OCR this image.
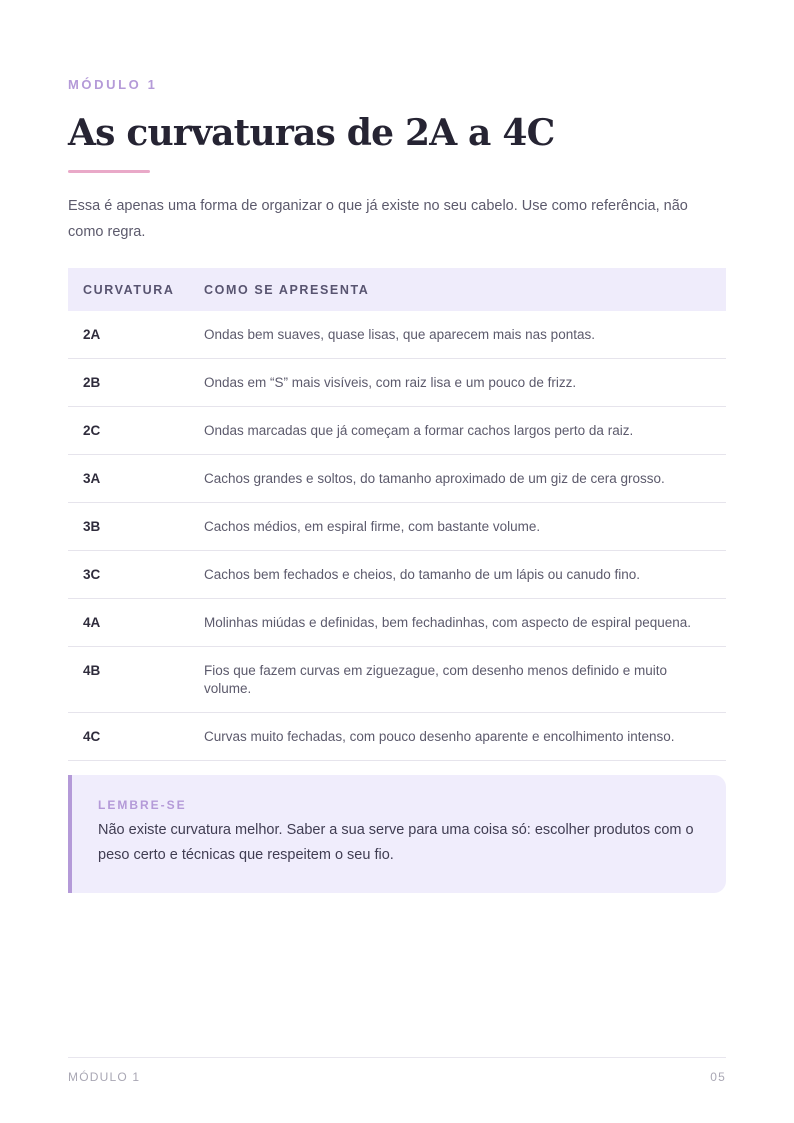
MÓDULO 1
As curvaturas de 2A a 4C

Essa é apenas uma forma de organizar o que já existe no seu cabelo. Use como referência, não como regra.

CURVATURA	COMO SE APRESENTA
2A	Ondas bem suaves, quase lisas, que aparecem mais nas pontas.
2B	Ondas em “S” mais visíveis, com raiz lisa e um pouco de frizz.
2C	Ondas marcadas que já começam a formar cachos largos perto da raiz.
3A	Cachos grandes e soltos, do tamanho aproximado de um giz de cera grosso.
3B	Cachos médios, em espiral firme, com bastante volume.
3C	Cachos bem fechados e cheios, do tamanho de um lápis ou canudo fino.
4A	Molinhas miúdas e definidas, bem fechadinhas, com aspecto de espiral pequena.
4B	Fios que fazem curvas em ziguezague, com desenho menos definido e muito volume.
4C	Curvas muito fechadas, com pouco desenho aparente e encolhimento intenso.
LEMBRE-SE
Não existe curvatura melhor. Saber a sua serve para uma coisa só: escolher produtos com o peso certo e técnicas que respeitem o seu fio.
MÓDULO 1	05
